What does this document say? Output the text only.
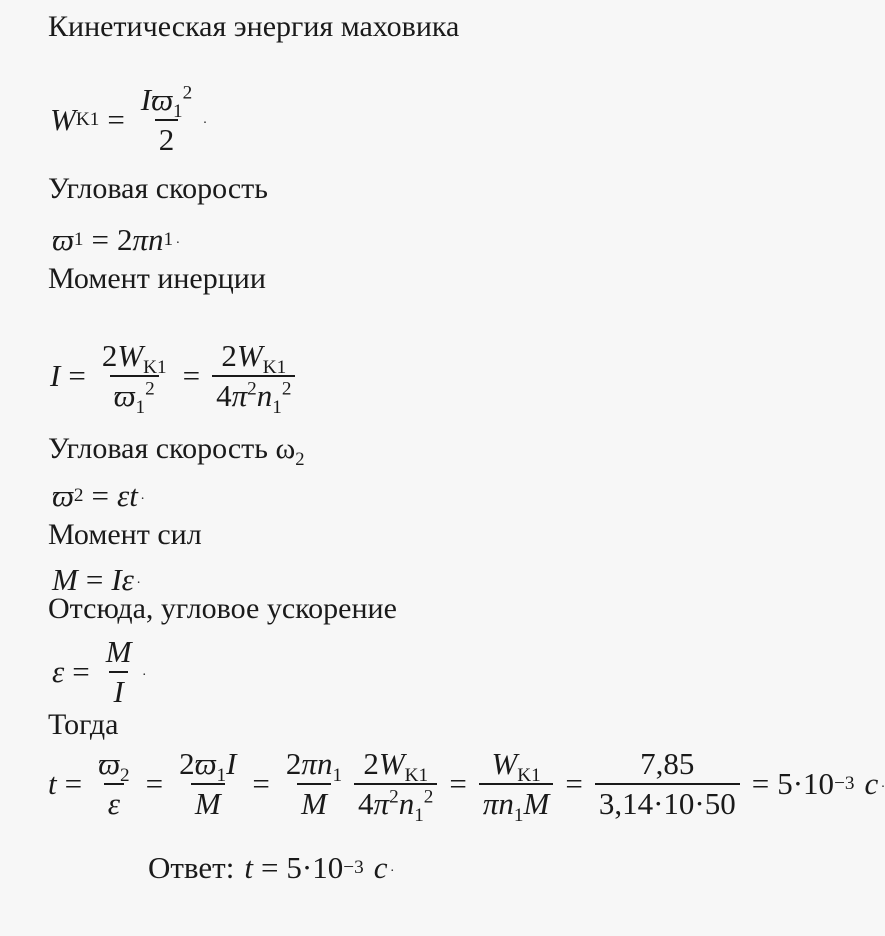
Кинетическая энергия маховика
W $K1 = \frac{Iϖ_1^2}{2}$ .
Угловая скорость
ϖ 1 = 2 π n 1 .
Момент инерции
$I = \frac{2W_{K1}}{ϖ_1^2} = \frac{2W_{K1}}{4\pi^2n_1^2}$
Угловая скорость $\omega_2$
ϖ 2 = ε t .
Момент сил
M = I ε .
Отсюда, угловое ускорение
$\varepsilon = \frac{M}{I}$ .
Тогда
$t = \frac{ϖ_2}{\varepsilon} = \frac{2ϖ_1I}{M} = \frac{2\pi n_1}{M} \frac{2W_{K1}}{4\pi^2n_1^2} = \frac{W_{K1}}{\pi n_1M} = \frac{7,85}{3,14\cdot 10\cdot 50} = 5\cdot 10 -3$ c .
Ответ: t = 5·10 −3 c .
